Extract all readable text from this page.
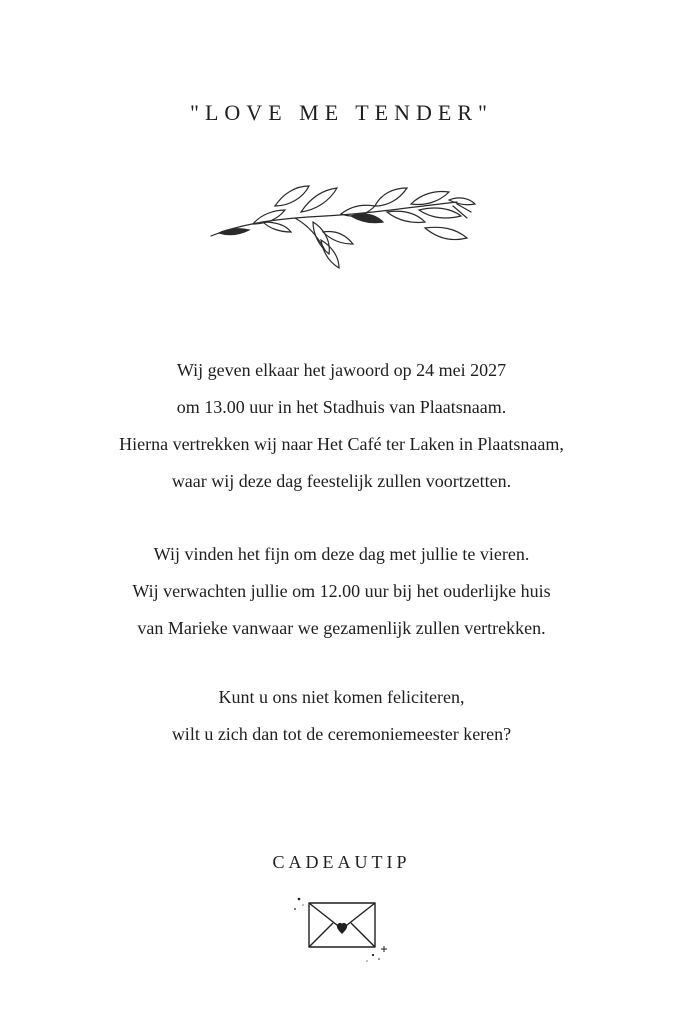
"LOVE ME TENDER"
Wij geven elkaar het jawoord op 24 mei 2027
om 13.00 uur in het Stadhuis van Plaatsnaam.
Hierna vertrekken wij naar Het Café ter Laken in Plaatsnaam,
waar wij deze dag feestelijk zullen voortzetten.
Wij vinden het fijn om deze dag met jullie te vieren.
Wij verwachten jullie om 12.00 uur bij het ouderlijke huis
van Marieke vanwaar we gezamenlijk zullen vertrekken.
Kunt u ons niet komen feliciteren,
wilt u zich dan tot de ceremoniemeester keren?
CADEAUTIP
